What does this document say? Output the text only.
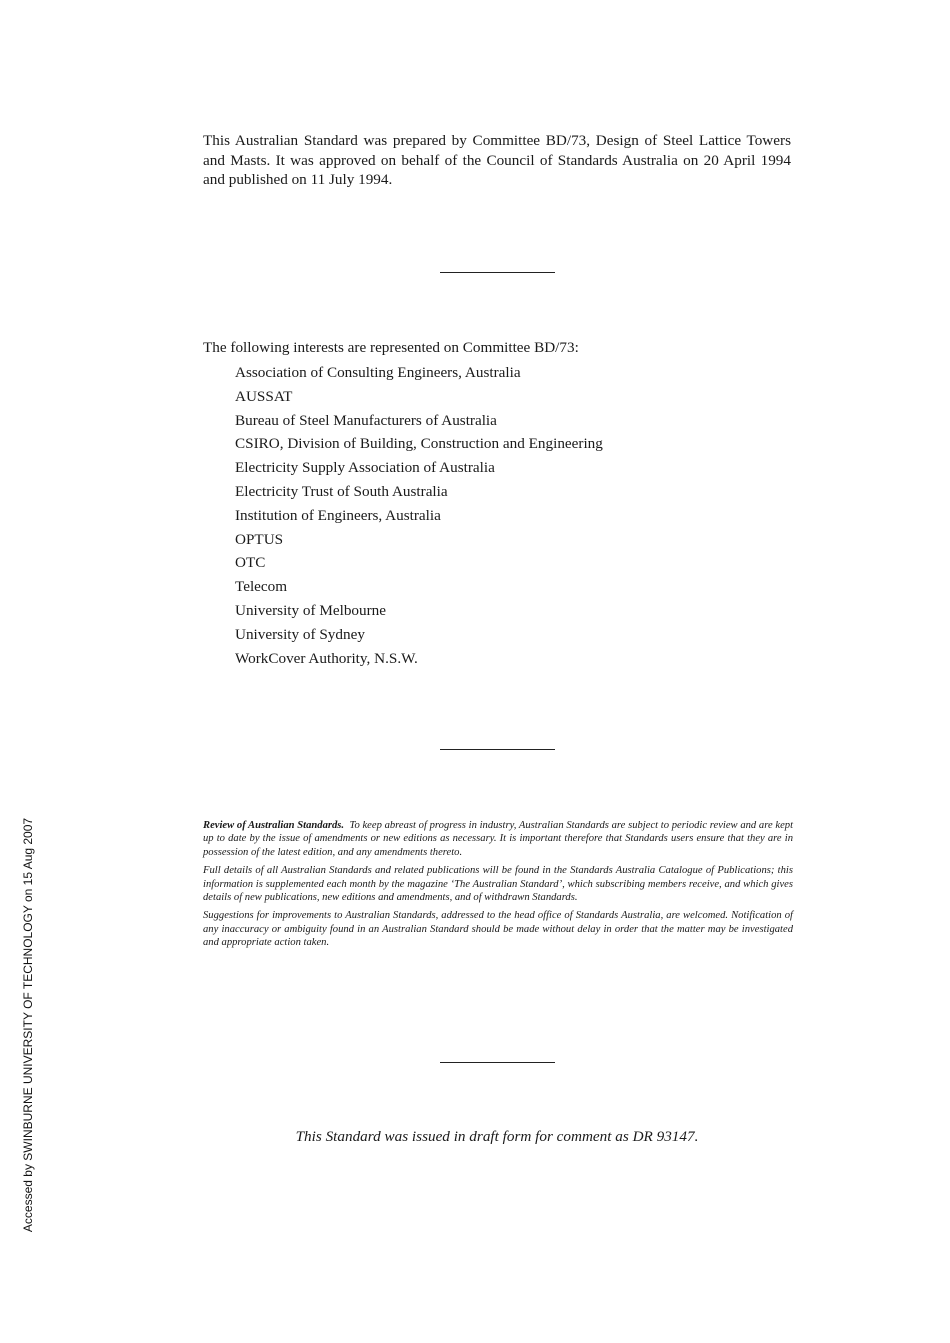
This Australian Standard was prepared by Committee BD/73, Design of Steel Lattice Towers and Masts. It was approved on behalf of the Council of Standards Australia on 20 April 1994 and published on 11 July 1994.

The following interests are represented on Committee BD/73:

Association of Consulting Engineers, Australia
AUSSAT
Bureau of Steel Manufacturers of Australia
CSIRO, Division of Building, Construction and Engineering
Electricity Supply Association of Australia
Electricity Trust of South Australia
Institution of Engineers, Australia
OPTUS
OTC
Telecom
University of Melbourne
University of Sydney
WorkCover Authority, N.S.W.

Review of Australian Standards. To keep abreast of progress in industry, Australian Standards are subject to periodic review and are kept up to date by the issue of amendments or new editions as necessary. It is important therefore that Standards users ensure that they are in possession of the latest edition, and any amendments thereto.

Full details of all Australian Standards and related publications will be found in the Standards Australia Catalogue of Publications; this information is supplemented each month by the magazine ‘The Australian Standard’, which subscribing members receive, and which gives details of new publications, new editions and amendments, and of withdrawn Standards.

Suggestions for improvements to Australian Standards, addressed to the head office of Standards Australia, are welcomed. Notification of any inaccuracy or ambiguity found in an Australian Standard should be made without delay in order that the matter may be investigated and appropriate action taken.

This Standard was issued in draft form for comment as DR 93147.

Accessed by SWINBURNE UNIVERSITY OF TECHNOLOGY on 15 Aug 2007
